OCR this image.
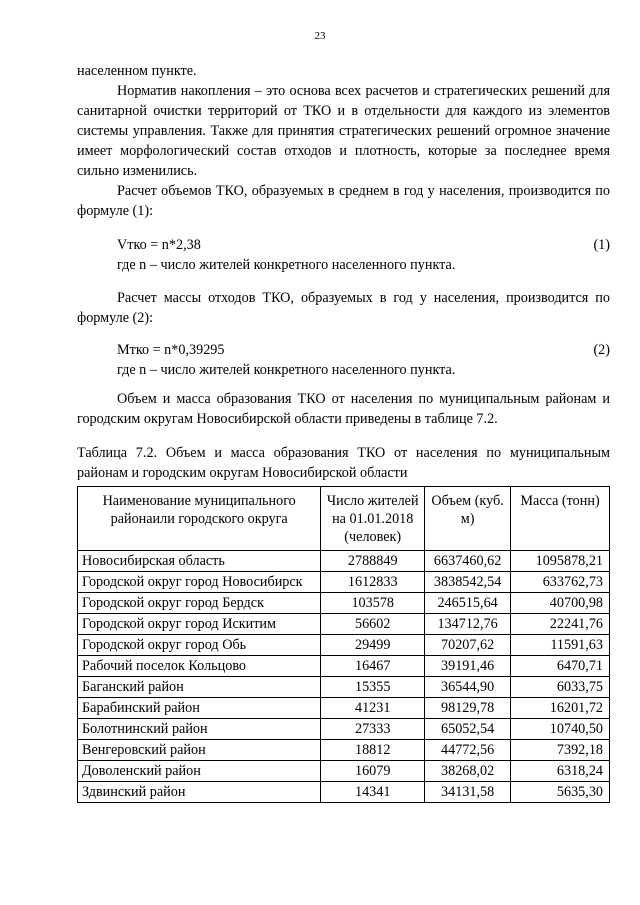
23

населенном пункте.

Норматив накопления – это основа всех расчетов и стратегических решений для санитарной очистки территорий от ТКО и в отдельности для каждого из элементов системы управления. Также для принятия стратегических решений огромное значение имеет морфологический состав отходов и плотность, которые за последнее время сильно изменились.

Расчет объемов ТКО, образуемых в среднем в год у населения, производится по формуле (1):

Vтко = n*2,38	(1)

где n – число жителей конкретного населенного пункта.

Расчет массы отходов ТКО, образуемых в год у населения, производится по формуле (2):

Мтко = n*0,39295	(2)

где n – число жителей конкретного населенного пункта.

Объем и масса образования ТКО от населения по муниципальным районам и городским округам Новосибирской области приведены в таблице 7.2.

Таблица 7.2. Объем и масса образования ТКО от населения по муниципальным районам и городским округам Новосибирской области

Наименование муниципального районаили городского округа	Число жителей на 01.01.2018 (человек)	Объем (куб. м)	Масса (тонн)
Новосибирская область	2788849	6637460,62	1095878,21
Городской округ город Новосибирск	1612833	3838542,54	633762,73
Городской округ город Бердск	103578	246515,64	40700,98
Городской округ город Искитим	56602	134712,76	22241,76
Городской округ город Обь	29499	70207,62	11591,63
Рабочий поселок Кольцово	16467	39191,46	6470,71
Баганский район	15355	36544,90	6033,75
Барабинский район	41231	98129,78	16201,72
Болотнинский район	27333	65052,54	10740,50
Венгеровский район	18812	44772,56	7392,18
Доволенский район	16079	38268,02	6318,24
Здвинский район	14341	34131,58	5635,30
